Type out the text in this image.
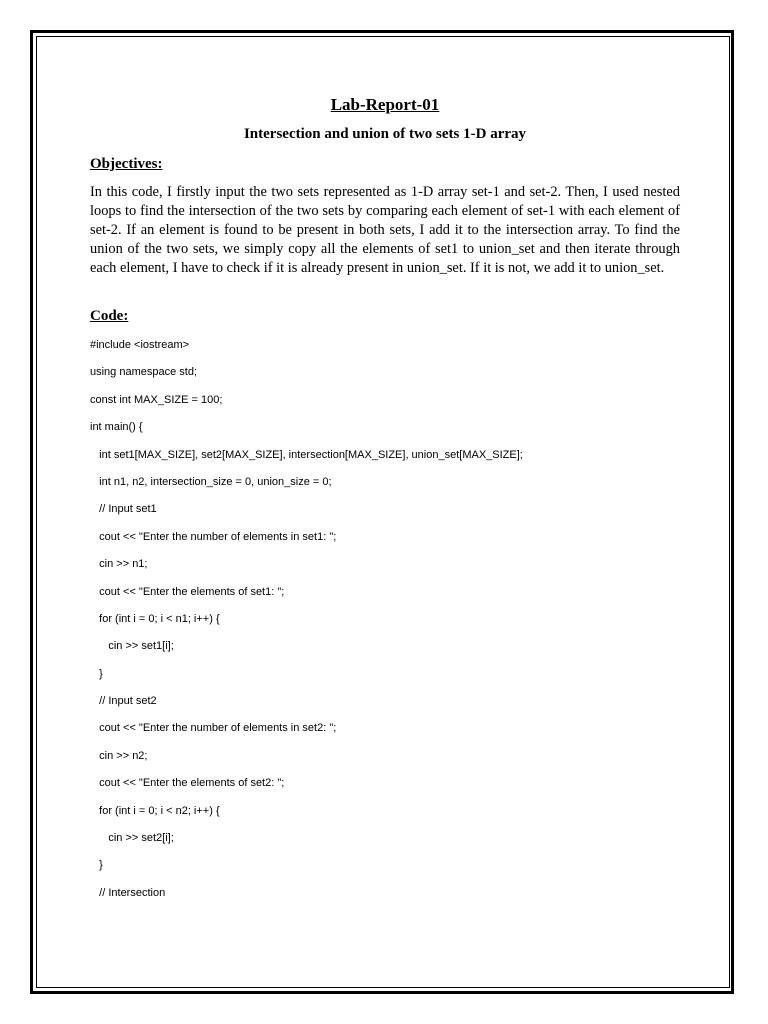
Lab-Report-01
Intersection and union of two sets 1-D array
Objectives:

In this code, I firstly input the two sets represented as 1-D array set-1 and set-2. Then, I used nested loops to find the intersection of the two sets by comparing each element of set-1 with each element of set-2. If an element is found to be present in both sets, I add it to the intersection array. To find the union of the two sets, we simply copy all the elements of set1 to union_set and then iterate through each element, I have to check if it is already present in union_set. If it is not, we add it to union_set.

Code:
#include <iostream>
using namespace std;
const int MAX_SIZE = 100;
int main() {
int set1[MAX_SIZE], set2[MAX_SIZE], intersection[MAX_SIZE], union_set[MAX_SIZE];
int n1, n2, intersection_size = 0, union_size = 0;
// Input set1
cout << "Enter the number of elements in set1: ";
cin >> n1;
cout << "Enter the elements of set1: ";
for (int i = 0; i < n1; i++) {
cin >> set1[i];
}
// Input set2
cout << "Enter the number of elements in set2: ";
cin >> n2;
cout << "Enter the elements of set2: ";
for (int i = 0; i < n2; i++) {
cin >> set2[i];
}
// Intersection
